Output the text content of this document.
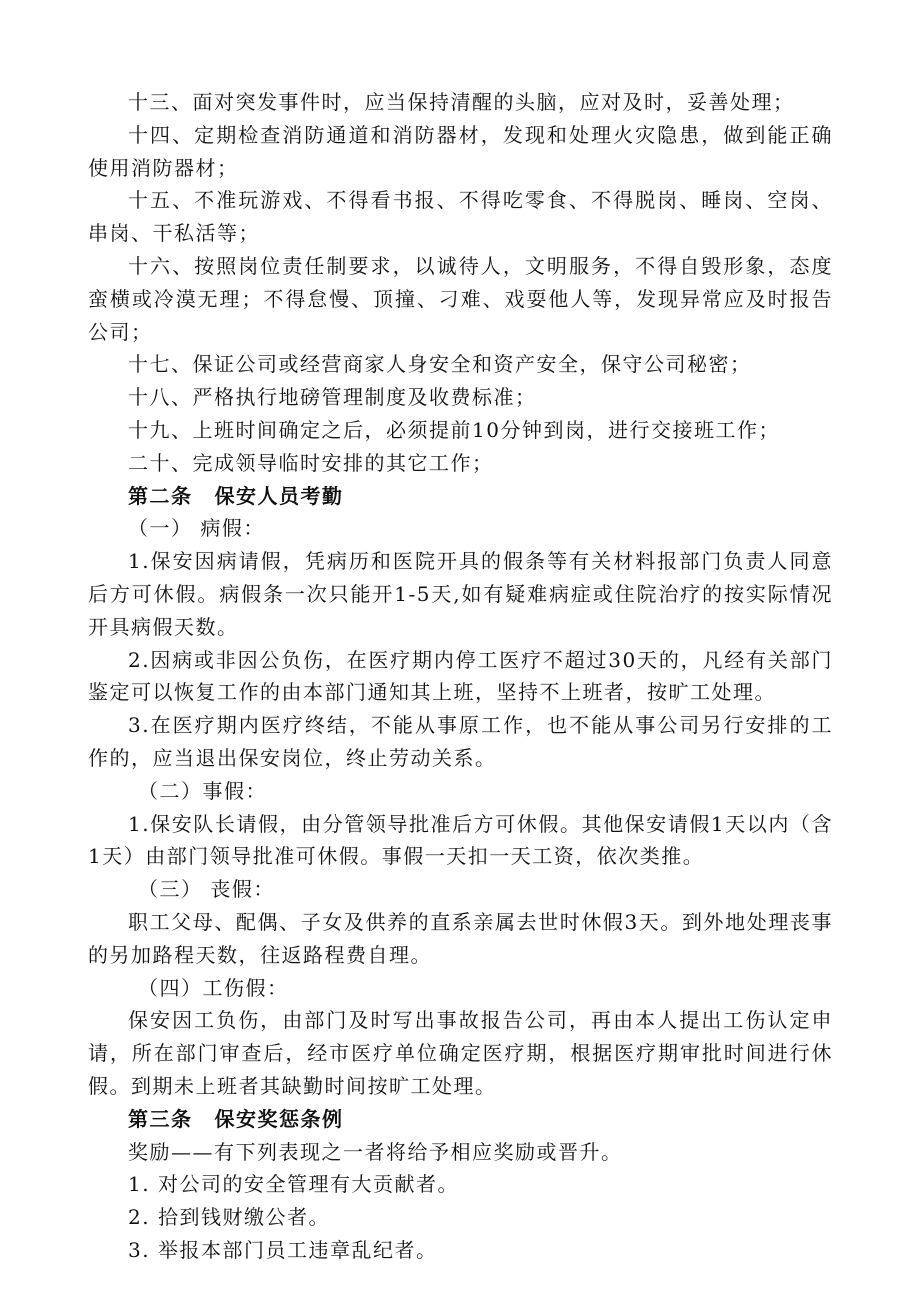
十三、面对突发事件时，应当保持清醒的头脑，应对及时，妥善处理；

十四、定期检查消防通道和消防器材，发现和处理火灾隐患，做到能正确使用消防器材；

十五、不准玩游戏、不得看书报、不得吃零食、不得脱岗、睡岗、空岗、串岗、干私活等；

十六、按照岗位责任制要求，以诚待人，文明服务，不得自毁形象，态度蛮横或冷漠无理；不得怠慢、顶撞、刁难、戏耍他人等，发现异常应及时报告公司；

十七、保证公司或经营商家人身安全和资产安全，保守公司秘密；

十八、严格执行地磅管理制度及收费标准；

十九、上班时间确定之后，必须提前10分钟到岗，进行交接班工作；

二十、完成领导临时安排的其它工作；

第二条 保安人员考勤

（一） 病假：

1.保安因病请假，凭病历和医院开具的假条等有关材料报部门负责人同意后方可休假。病假条一次只能开1-5天,如有疑难病症或住院治疗的按实际情况开具病假天数。

2.因病或非因公负伤，在医疗期内停工医疗不超过30天的，凡经有关部门鉴定可以恢复工作的由本部门通知其上班，坚持不上班者，按旷工处理。

3.在医疗期内医疗终结，不能从事原工作，也不能从事公司另行安排的工作的，应当退出保安岗位，终止劳动关系。

（二）事假：

1.保安队长请假，由分管领导批准后方可休假。其他保安请假1天以内（含1天）由部门领导批准可休假。事假一天扣一天工资，依次类推。

（三） 丧假：

职工父母、配偶、子女及供养的直系亲属去世时休假3天。到外地处理丧事的另加路程天数，往返路程费自理。

（四）工伤假：

保安因工负伤，由部门及时写出事故报告公司，再由本人提出工伤认定申请，所在部门审查后，经市医疗单位确定医疗期，根据医疗期审批时间进行休假。到期未上班者其缺勤时间按旷工处理。

第三条 保安奖惩条例

奖励——有下列表现之一者将给予相应奖励或晋升。

1. 对公司的安全管理有大贡献者。

2. 拾到钱财缴公者。

3. 举报本部门员工违章乱纪者。
